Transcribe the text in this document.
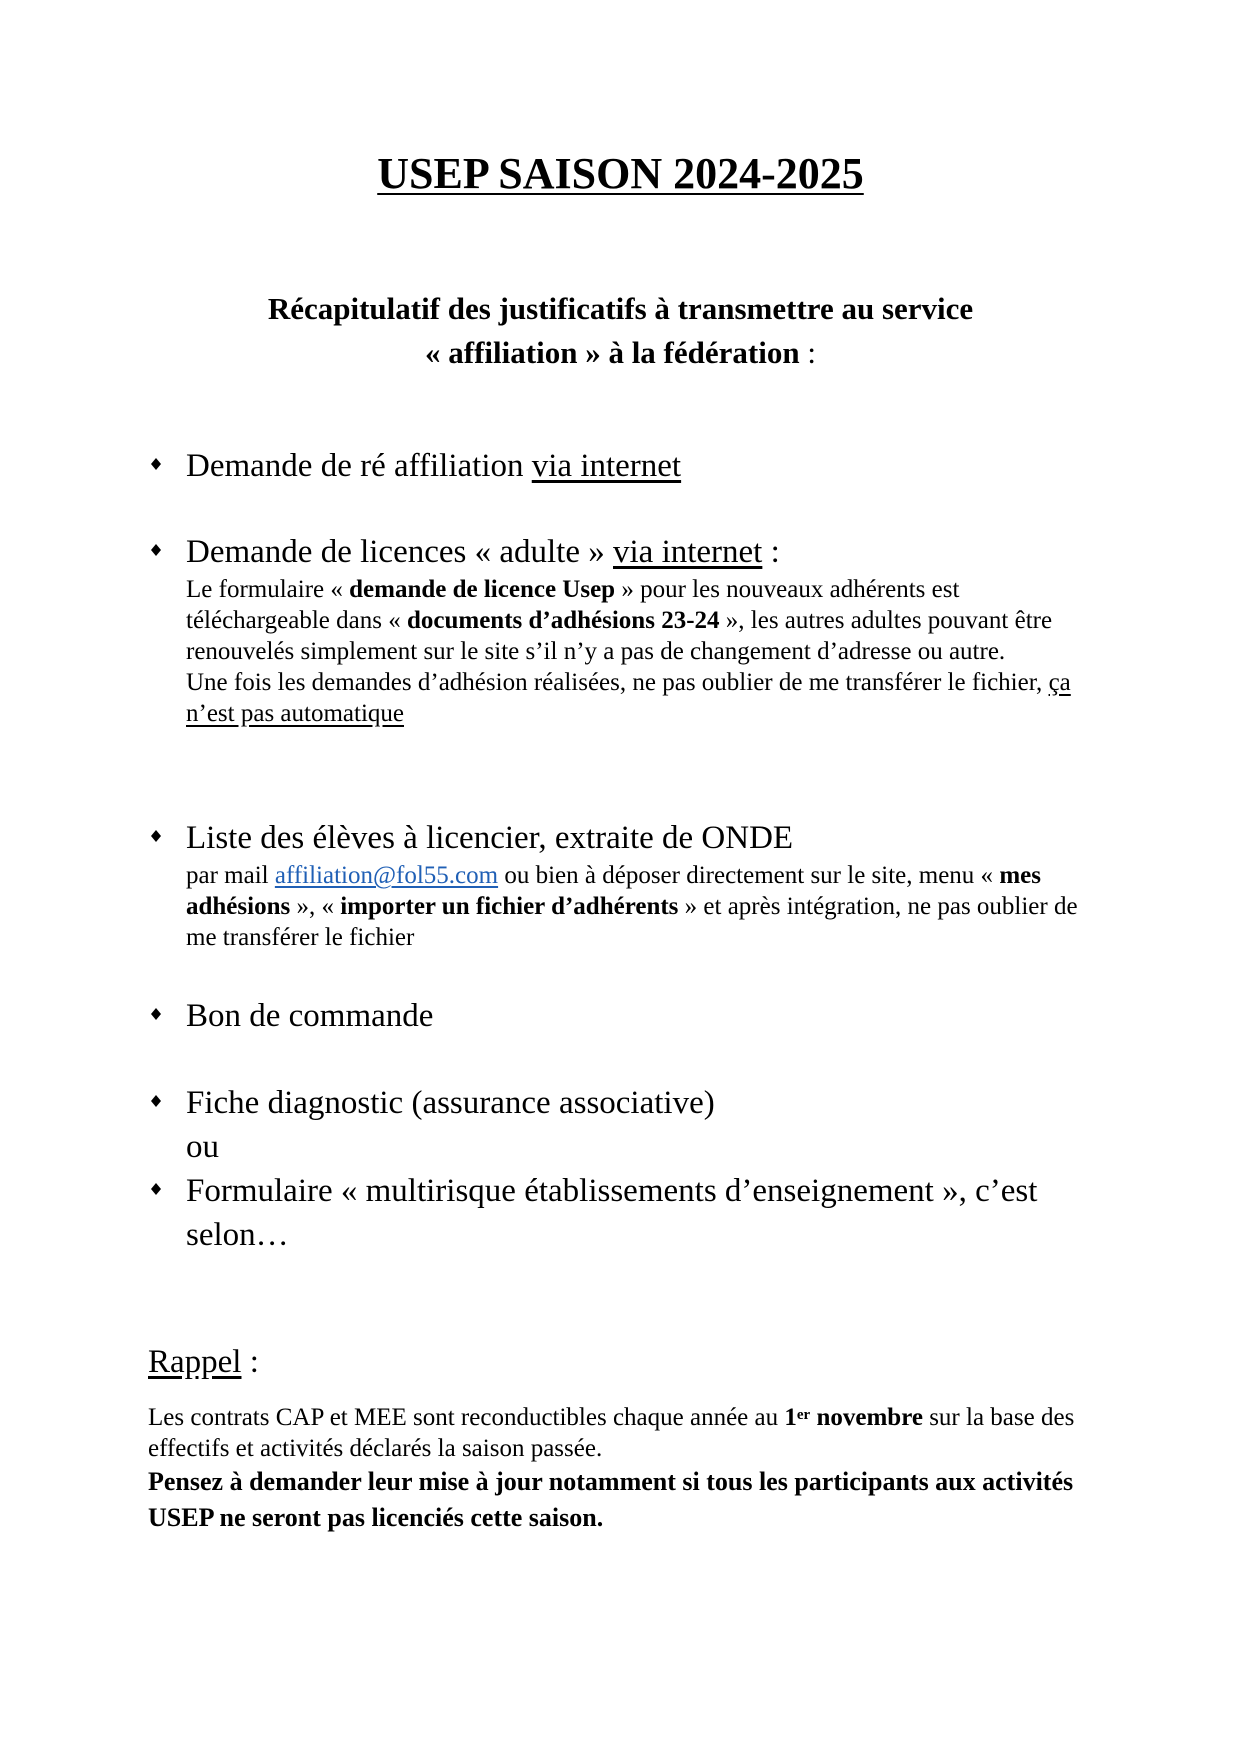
USEP SAISON 2024-2025

Récapitulatif des justificatifs à transmettre au service
« affiliation » à la fédération :

Demande de ré affiliation via internet
Demande de licences « adulte » via internet :
Le formulaire « demande de licence Usep » pour les nouveaux adhérents est téléchargeable dans « documents d’adhésions 23-24 », les autres adultes pouvant être renouvelés simplement sur le site s’il n’y a pas de changement d’adresse ou autre.
Une fois les demandes d’adhésion réalisées, ne pas oublier de me transférer le fichier, ça n’est pas automatique
Liste des élèves à licencier, extraite de ONDE
par mail affiliation@fol55.com ou bien à déposer directement sur le site, menu « mes adhésions », « importer un fichier d’adhérents » et après intégration, ne pas oublier de me transférer le fichier
Bon de commande
Fiche diagnostic (assurance associative)
ou
Formulaire « multirisque établissements d’enseignement », c’est selon…

Rappel :

Les contrats CAP et MEE sont reconductibles chaque année au 1er novembre sur la base des effectifs et activités déclarés la saison passée.
Pensez à demander leur mise à jour notamment si tous les participants aux activités USEP ne seront pas licenciés cette saison.
